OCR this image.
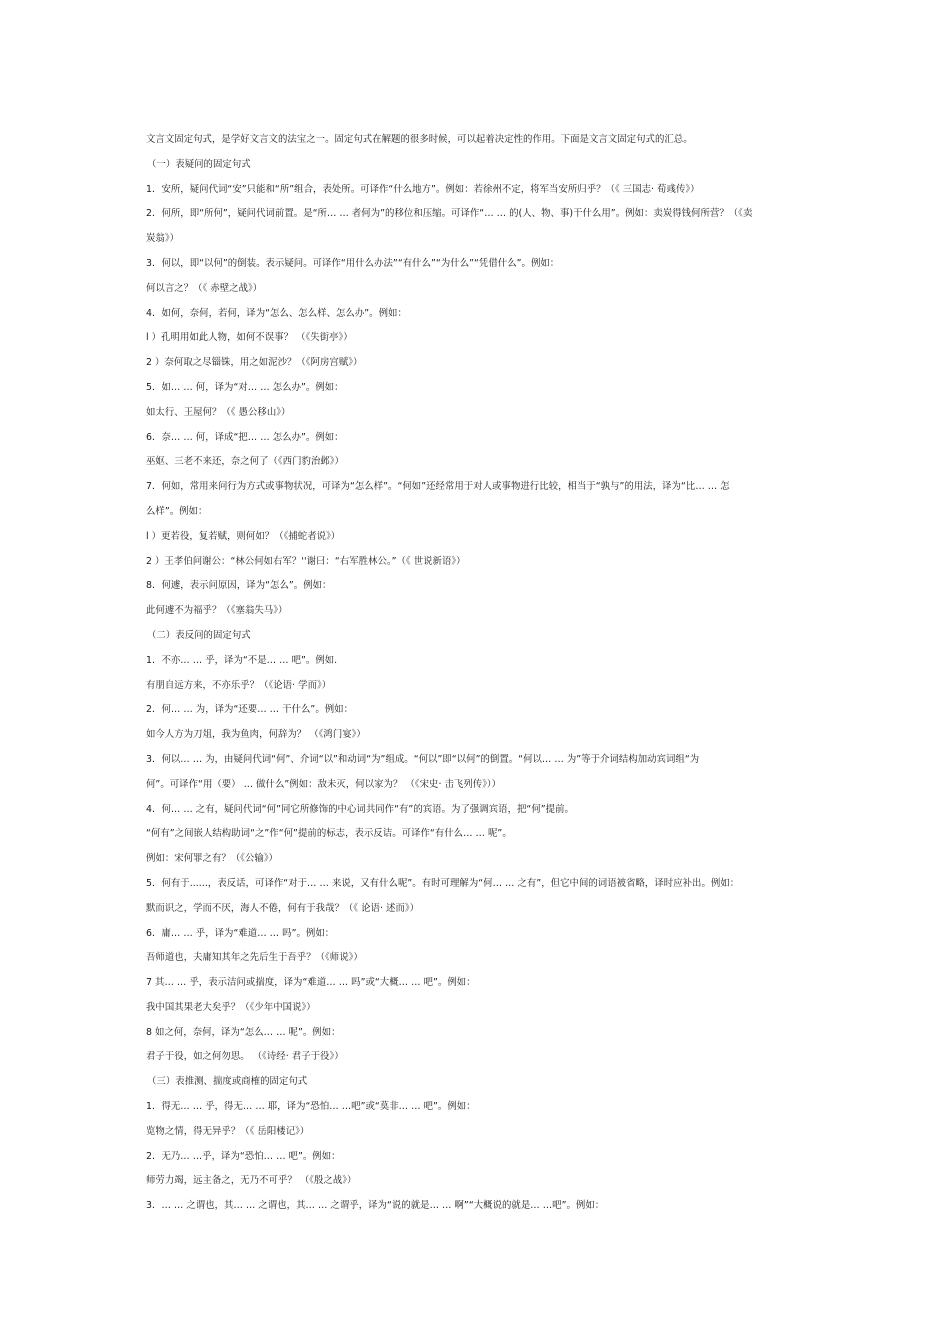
文言文固定句式，是学好文言文的法宝之一。固定句式在解题的很多时候，可以起着决定性的作用。下面是文言文固定句式的汇总。
（一）表疑问的固定句式
1．安所，疑问代词“安”只能和“所”组合，表处所。可译作“什么地方”。例如：若徐州不定，将军当安所归乎？（《 三国志· 荀彧传》）
2．何所，即“所何”，疑问代词前置。是“所… … 者何为”的移位和压缩。可译作“… … 的(人、物、事)干什么用”。例如：卖炭得钱何所营？（《卖
炭翁》）
3．何以，即“以何”的倒装。表示疑问。可译作“用什么办法”“有什么”“为什么”“凭借什么”。例如：
何以言之？（《 赤壁之战》）
4．如何，奈何，若何，译为“怎么、怎么样、怎么办”。例如：
l ）孔明用如此人物，如何不误事？ （《失街亭》）
2 ）奈何取之尽锱铢，用之如泥沙？（《阿房宫赋》）
5．如… … 何，译为“对… … 怎么办”。例如：
如太行、王屋何？（《 愚公移山》）
6．奈… … 何，译成“把… … 怎么办”。例如：
巫妪、三老不来还，奈之何了（《西门豹治邺》）
7．何如，常用来问行为方式或事物状况，可译为“怎么样”。“何如”还经常用于对人或事物进行比较，相当于“孰与”的用法，译为“比… … 怎
么样”。例如：
l ）更若役，复若赋，则何如？（《捕蛇者说》）
2 ）王孝伯问谢公：“林公何如右军？''谢曰：“右军胜林公。”（《 世说新语》）
8．何遽，表示问原因，译为“怎么”。例如：
此何遽不为福乎？（《塞翁失马》）
（二）表反问的固定句式
1．不亦… … 乎，译为“不是… … 吧”。例如.
有朋自远方来，不亦乐乎？（《论语· 学而》）
2．何… … 为，译为“还要… … 干什么”。例如：
如今人方为刀俎，我为鱼肉，何辞为？ （《鸿门宴》）
3．何以… … 为，由疑问代词“何”、介词“以”和动词“为”组成。“何以”即“以何”的倒置。“何以… … 为”等于介词结构加动宾词组“为
何”。可译作“用（要） … 做什么”例如：敌未灭，何以家为？ （《宋史· 击飞列传》））
4．何… … 之有，疑问代词“何”同它所修饰的中心词共同作“有”的宾语。为了强调宾语，把“何”提前。
“何有”之间嵌人结构助词“之”作“何”提前的标志，表示反诘。可译作“有什么… … 呢”。
例如：宋何罪之有？（《公输》）
5．何有于......，表反话，可译作“对于… … 来说，又有什么呢”。有时可理解为“何… … 之有”，但它中间的词语被省略，译时应补出。例如：
默而识之，学而不厌，海人不倦，何有于我哉？（《 论语· 述而》）
6．庸… … 乎，译为“难道… … 吗”。例如：
吾师道也，夫庸知其年之先后生于吾乎？（《师说》）
7 其… … 乎，表示洁问或揣度，译为“难道… … 吗”或“大概… … 吧”。例如：
我中国其果老大矣乎？（《少年中国说》）
8 如之何，奈何，译为“怎么… … 呢”。例如：
君子于役，如之何勿思。 （《诗经· 君子于役》）
（三）表推测、揣度或商榷的固定句式
1．得无… … 乎，得无… … 耶，译为“恐怕… …吧”或“莫非… … 吧”。例如：
览物之情，得无异乎？（《 岳阳楼记》）
2．无乃… …乎，译为“恐怕… … 吧”。例如：
师劳力竭，远主备之，无乃不可乎？ （《殷之战》）
3．… … 之谓也，其… … 之谓也，其… … 之谓乎，译为“说的就是… … 啊”“大概说的就是… …吧”。例如：
